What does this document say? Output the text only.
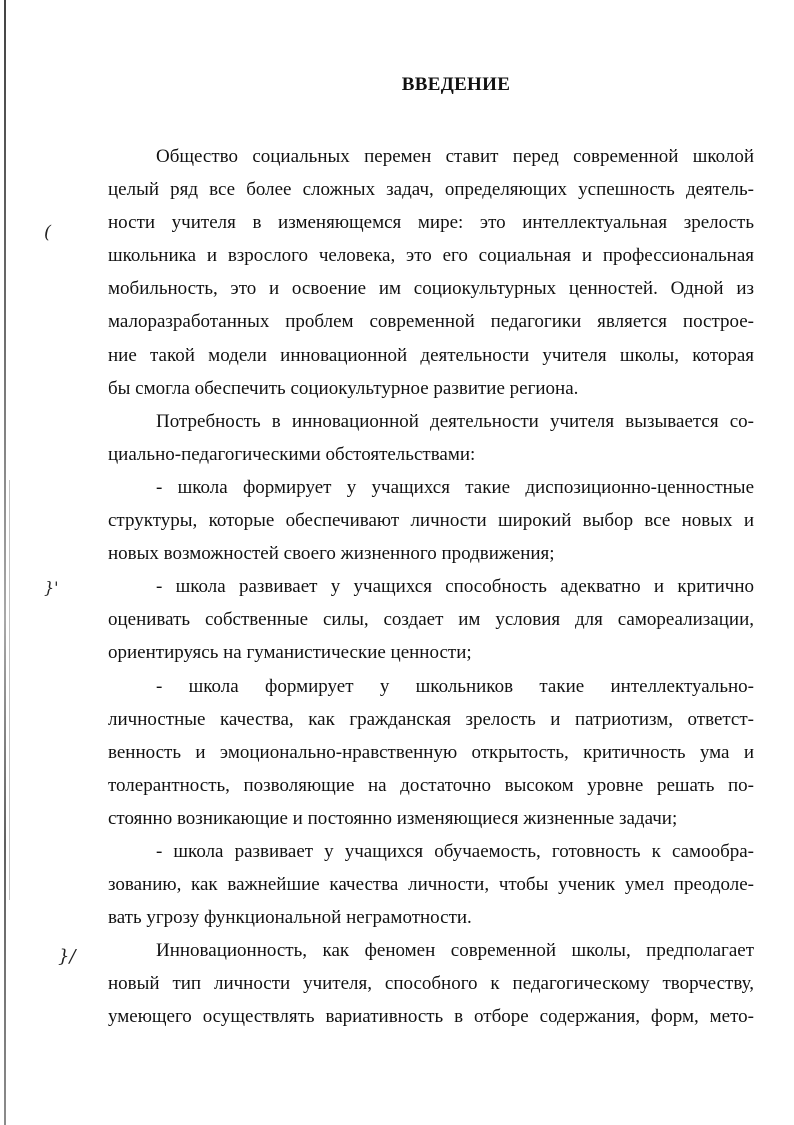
(
}'
}/
ВВЕДЕНИЕ
Общество социальных перемен ставит перед современной школой
целый ряд все более сложных задач, определяющих успешность деятель-
ности учителя в изменяющемся мире: это интеллектуальная зрелость
школьника и взрослого человека, это его социальная и профессиональная
мобильность, это и освоение им социокультурных ценностей. Одной из
малоразработанных проблем современной педагогики является построе-
ние такой модели инновационной деятельности учителя школы, которая
бы смогла обеспечить социокультурное развитие региона.
Потребность в инновационной деятельности учителя вызывается со-
циально-педагогическими обстоятельствами:
- школа формирует у учащихся такие диспозиционно-ценностные
структуры, которые обеспечивают личности широкий выбор все новых и
новых возможностей своего жизненного продвижения;
- школа развивает у учащихся способность адекватно и критично
оценивать собственные силы, создает им условия для самореализации,
ориентируясь на гуманистические ценности;
- школа формирует у школьников такие интеллектуально-
личностные качества, как гражданская зрелость и патриотизм, ответст-
венность и эмоционально-нравственную открытость, критичность ума и
толерантность, позволяющие на достаточно высоком уровне решать по-
стоянно возникающие и постоянно изменяющиеся жизненные задачи;
- школа развивает у учащихся обучаемость, готовность к самообра-
зованию, как важнейшие качества личности, чтобы ученик умел преодоле-
вать угрозу функциональной неграмотности.
Инновационность, как феномен современной школы, предполагает
новый тип личности учителя, способного к педагогическому творчеству,
умеющего осуществлять вариативность в отборе содержания, форм, мето-
